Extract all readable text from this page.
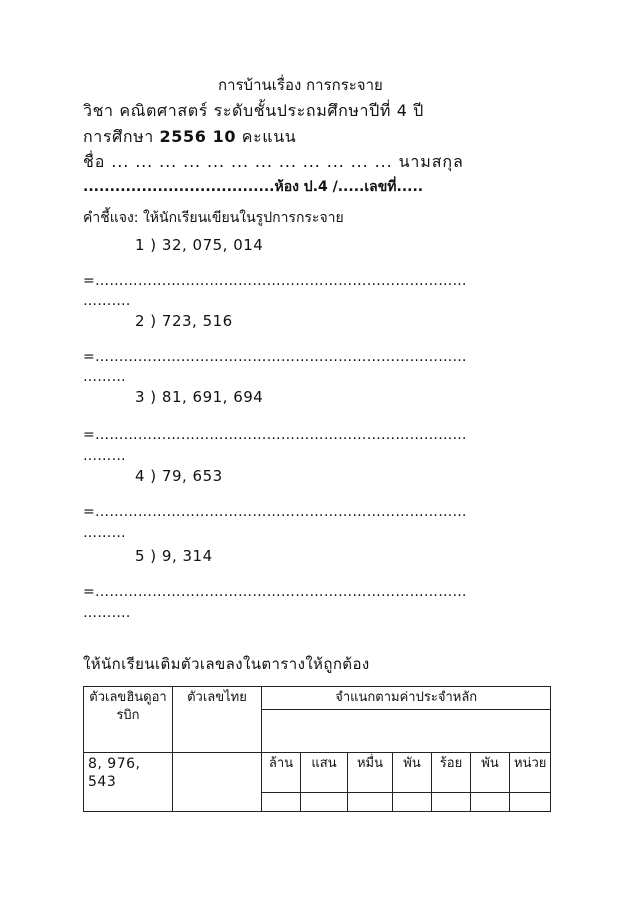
การบ้านเรื่อง การกระจาย
วิชา คณิตศาสตร์ ระดับชั้นประถมศึกษาปีที่ 4 ปี
การศึกษา 2556 10 คะแนน
ชื่อ ... ... ... ... ... ... ... ... ... ... ... ... นามสกุล
....................................ห้อง ป.4 /.....เลขที่.....
คำชี้แจง: ให้นักเรียนเขียนในรูปการกระจาย
1 ) 32, 075, 014
=……………………………………………………………………
……….
2 ) 723, 516
=……………………………………………………………………
………
3 ) 81, 691, 694
=……………………………………………………………………
………
4 ) 79, 653
=……………………………………………………………………
………
5 ) 9, 314
=……………………………………………………………………
……….
ให้นักเรียนเติมตัวเลขลงในตารางให้ถูกต้อง
ตัวเลขฮินดูอารบิก	ตัวเลขไทย	จำแนกตามค่าประจำหลัก						

8, 976, 543		ล้าน	แสน	หมื่น	พัน	ร้อย	พัน	หน่วย
